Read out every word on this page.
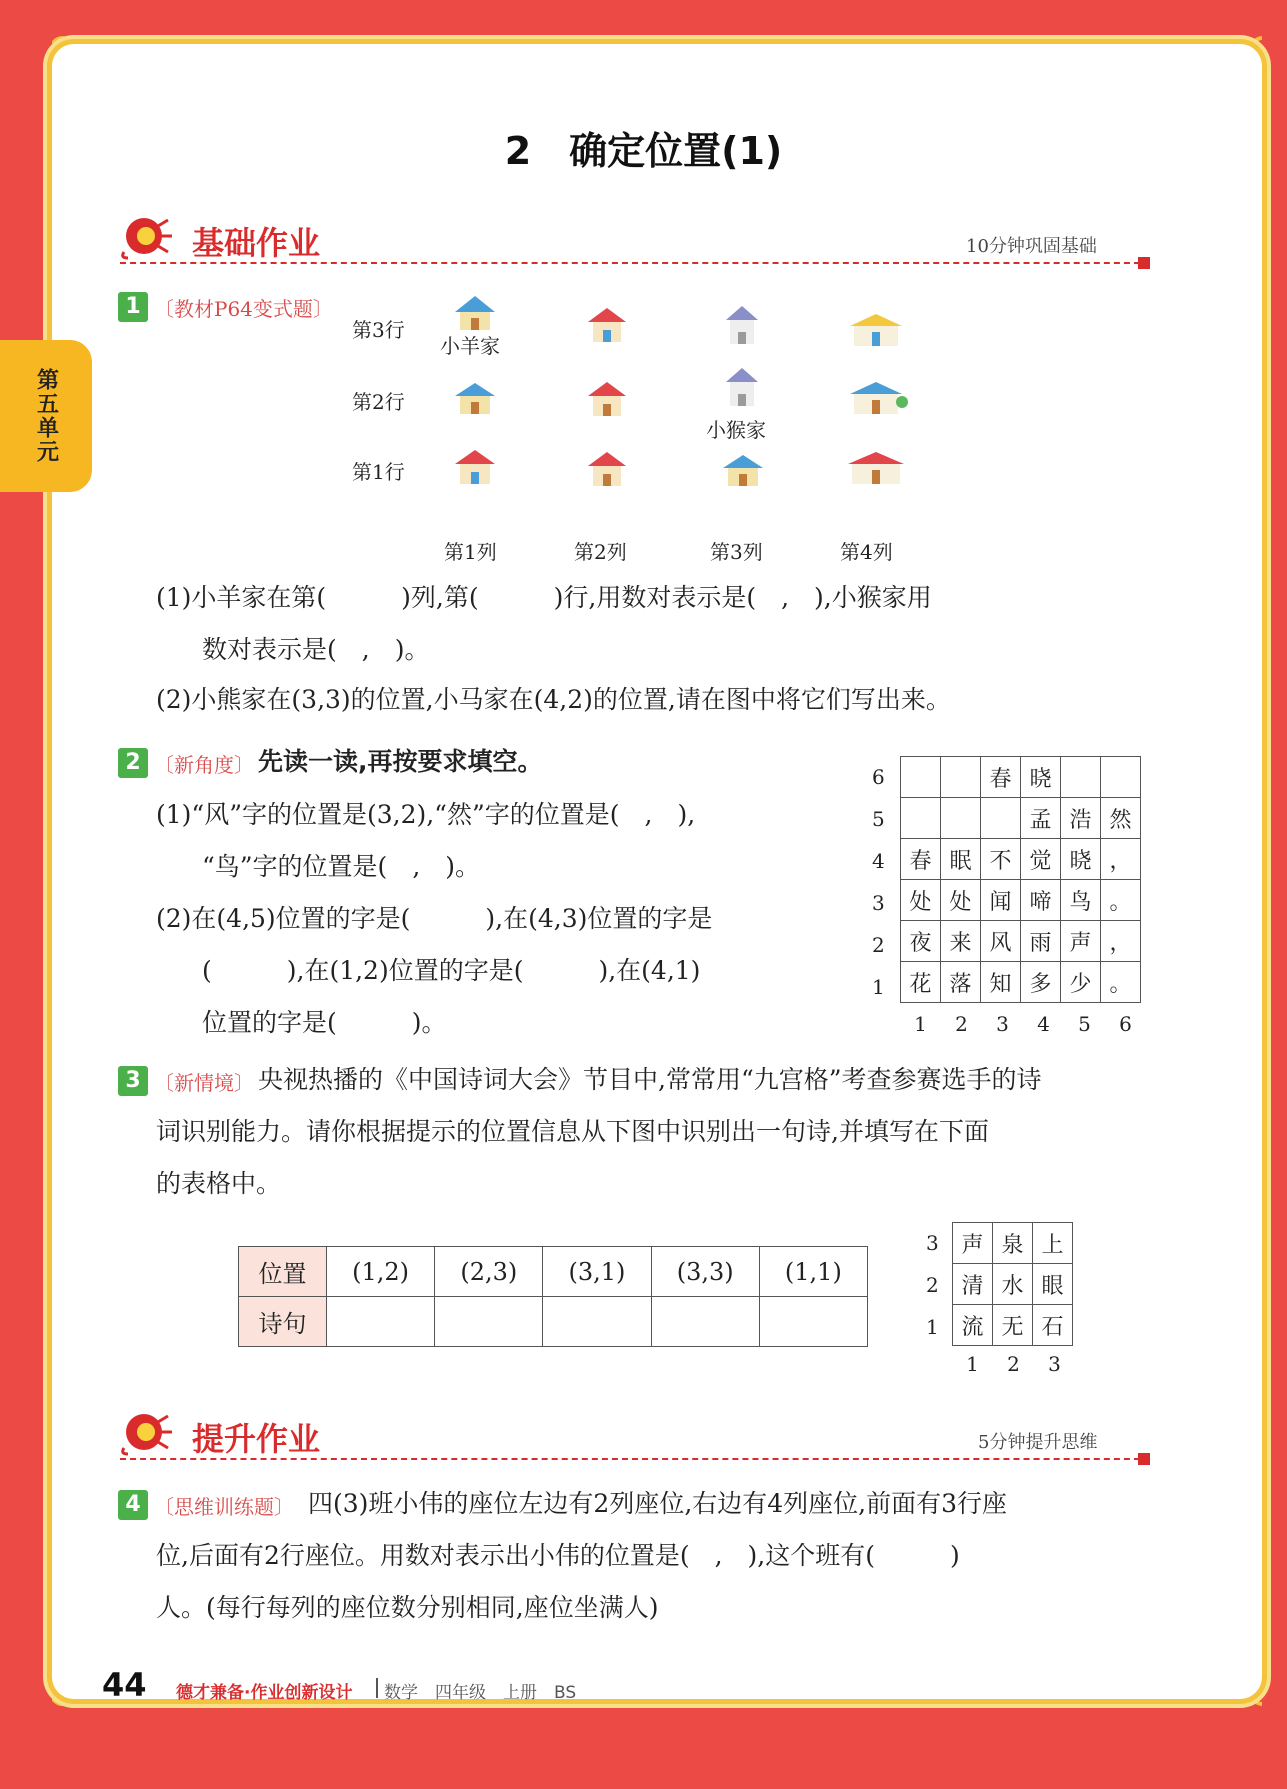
第五单元
2　确定位置(1)
基础作业	10分钟巩固基础
1 〔教材P64变式题〕
第3行
第2行
第1行
小羊家
小猴家
第1列	第2列	第3列	第4列
(1)小羊家在第(　　　)列,第(　　　)行,用数对表示是(　,　),小猴家用
数对表示是(　,　)。
(2)小熊家在(3,3)的位置,小马家在(4,2)的位置,请在图中将它们写出来。
2 〔新角度〕 先读一读,再按要求填空。
(1)“风”字的位置是(3,2),“然”字的位置是(　,　),
“鸟”字的位置是(　,　)。
(2)在(4,5)位置的字是(　　　),在(4,3)位置的字是
(　　　),在(1,2)位置的字是(　　　),在(4,1)
位置的字是(　　　)。
6
5
4
3
2
1
		春	晓		
			孟	浩	然
春	眠	不	觉	晓	，
处	处	闻	啼	鸟	。
夜	来	风	雨	声	，
花	落	知	多	少	。
1	2	3	4	5	6
3 〔新情境〕 央视热播的《中国诗词大会》节目中,常常用“九宫格”考查参赛选手的诗
词识别能力。请你根据提示的位置信息从下图中识别出一句诗,并填写在下面
的表格中。
位置	(1,2)	(2,3)	(3,1)	(3,3)	(1,1)
诗句					
3
2
1
声	泉	上
清	水	眼
流	无	石
1	2	3
提升作业	5分钟提升思维
4 〔思维训练题〕 四(3)班小伟的座位左边有2列座位,右边有4列座位,前面有3行座
位,后面有2行座位。用数对表示出小伟的位置是(　,　),这个班有(　　　)
人。(每行每列的座位数分别相同,座位坐满人)
44 德才兼备·作业创新设计 数学　四年级　上册　BS
